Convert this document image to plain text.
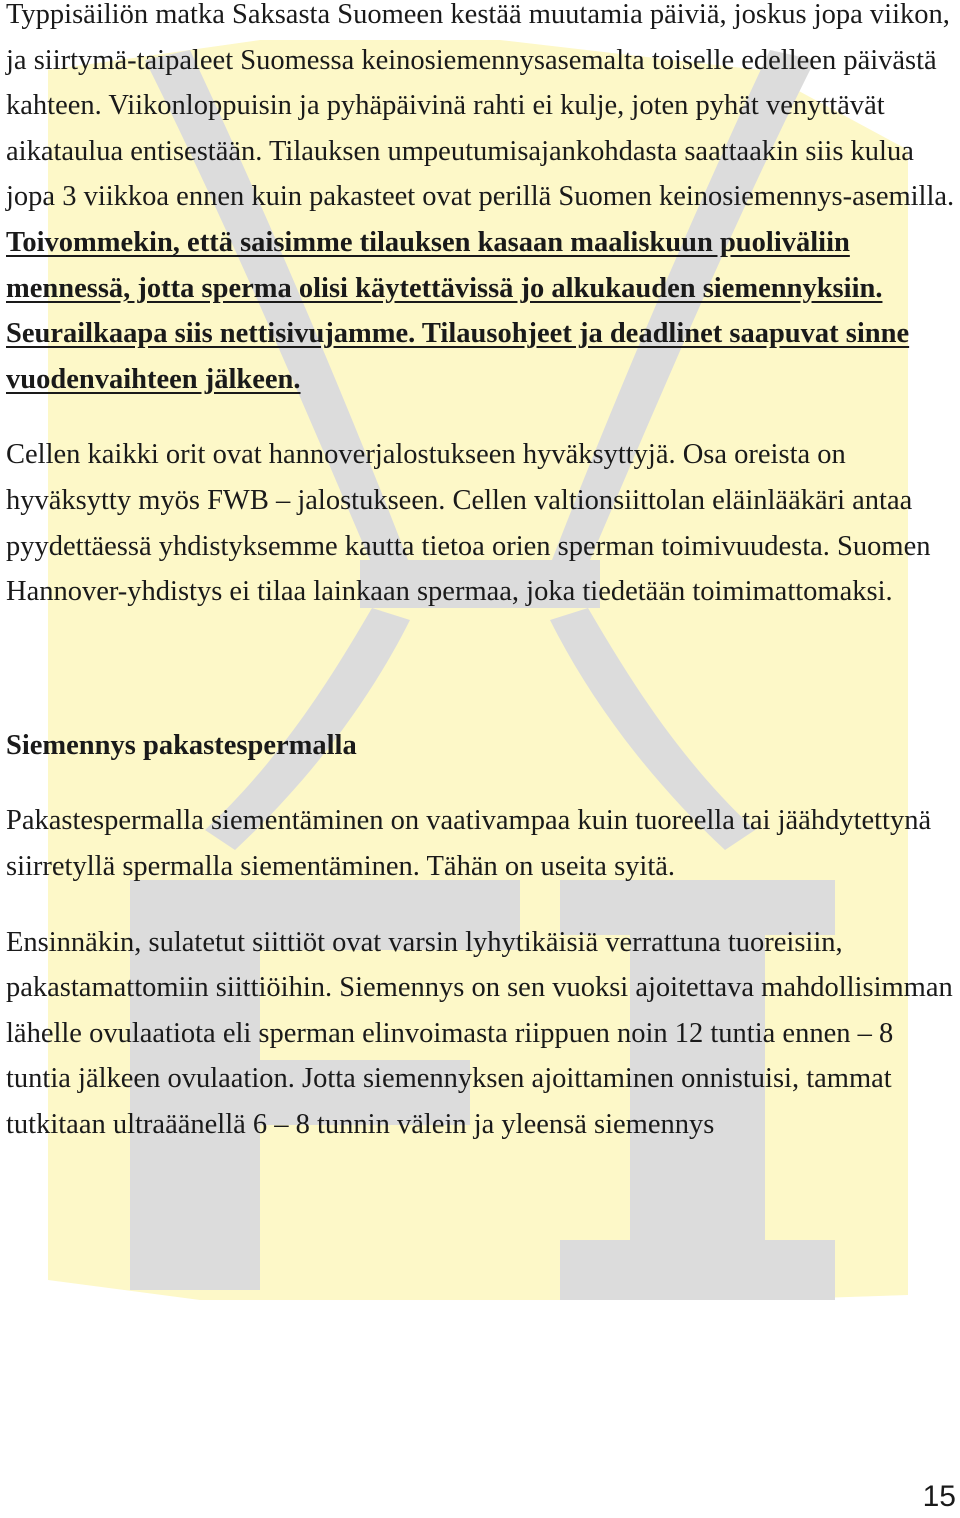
Typpisäiliön matka Saksasta Suomeen kestää muutamia päiviä, joskus jopa viikon, ja siirtymä-taipaleet Suomessa keinosiemennysasemalta toiselle edelleen päivästä kahteen. Viikonloppuisin ja pyhäpäivinä rahti ei kulje, joten pyhät venyttävät aikataulua entisestään. Tilauksen umpeutumisajankohdasta saattaakin siis kulua jopa 3 viikkoa ennen kuin pakasteet ovat perillä Suomen keinosiemennys-asemilla. Toivommekin, että saisimme tilauksen kasaan maaliskuun puoliväliin mennessä, jotta sperma olisi käytettävissä jo alkukauden siemennyksiin. Seurailkaapa siis nettisivujamme. Tilausohjeet ja deadlinet saapuvat sinne vuodenvaihteen jälkeen.

Cellen kaikki orit ovat hannoverjalostukseen hyväksyttyjä. Osa oreista on hyväksytty myös FWB – jalostukseen. Cellen valtionsiittolan eläinlääkäri antaa pyydettäessä yhdistyksemme kautta tietoa orien sperman toimivuudesta. Suomen Hannover-yhdistys ei tilaa lainkaan spermaa, joka tiedetään toimimattomaksi.

Siemennys pakastespermalla

Pakastespermalla siementäminen on vaativampaa kuin tuoreella tai jäähdytettynä siirretyllä spermalla siementäminen. Tähän on useita syitä.

Ensinnäkin, sulatetut siittiöt ovat varsin lyhytikäisiä verrattuna tuoreisiin, pakastamattomiin siittiöihin. Siemennys on sen vuoksi ajoitettava mahdollisimman lähelle ovulaatiota eli sperman elinvoimasta riippuen noin 12 tuntia ennen – 8 tuntia jälkeen ovulaation. Jotta siemennyksen ajoittaminen onnistuisi, tammat tutkitaan ultraäänellä 6 – 8 tunnin välein ja yleensä siemennys

15
